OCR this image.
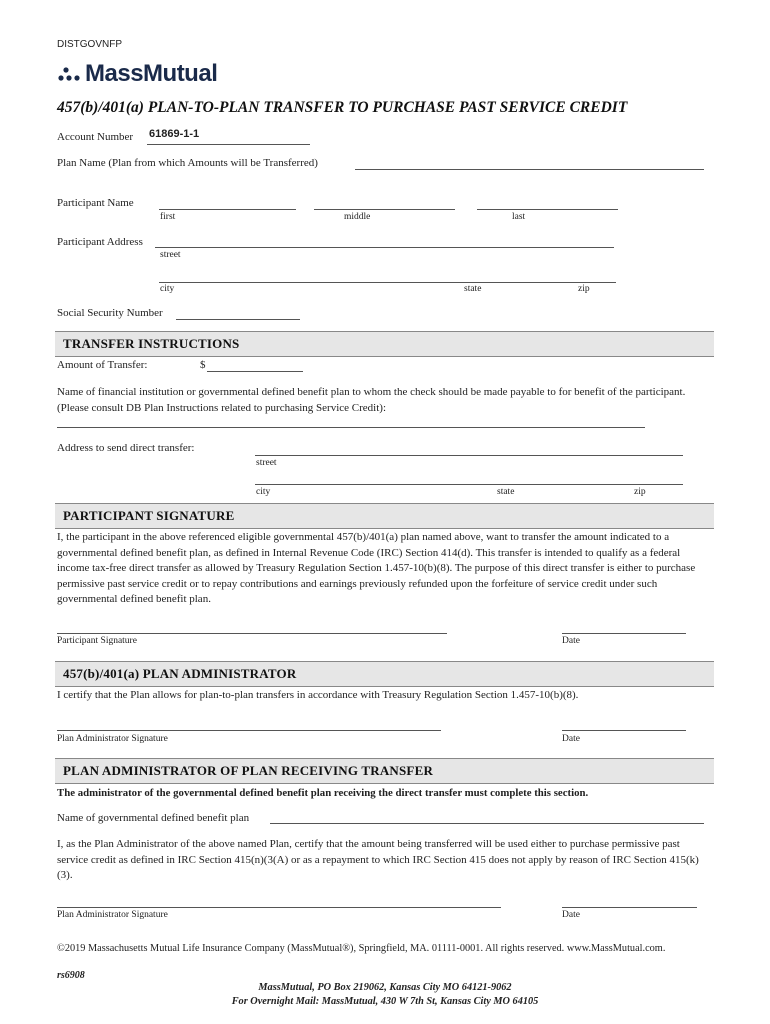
DISTGOVNFP
MassMutual
457(b)/401(a) PLAN-TO-PLAN TRANSFER TO PURCHASE PAST SERVICE CREDIT
Account Number 61869-1-1
Plan Name (Plan from which Amounts will be Transferred)
Participant Name
first	middle	last
Participant Address
street
city	state	zip
Social Security Number
TRANSFER INSTRUCTIONS
Amount of Transfer:	$
Name of financial institution or governmental defined benefit plan to whom the check should be made payable to for benefit of the participant. (Please consult DB Plan Instructions related to purchasing Service Credit):
Address to send direct transfer:
street
city	state	zip
PARTICIPANT SIGNATURE
I, the participant in the above referenced eligible governmental 457(b)/401(a) plan named above, want to transfer the amount indicated to a governmental defined benefit plan, as defined in Internal Revenue Code (IRC) Section 414(d). This transfer is intended to qualify as a federal income tax-free direct transfer as allowed by Treasury Regulation Section 1.457-10(b)(8). The purpose of this direct transfer is either to purchase permissive past service credit or to repay contributions and earnings previously refunded upon the forfeiture of service credit under such governmental defined benefit plan.
Participant Signature	Date
457(b)/401(a) PLAN ADMINISTRATOR
I certify that the Plan allows for plan-to-plan transfers in accordance with Treasury Regulation Section 1.457-10(b)(8).
Plan Administrator Signature	Date
PLAN ADMINISTRATOR OF PLAN RECEIVING TRANSFER
The administrator of the governmental defined benefit plan receiving the direct transfer must complete this section.
Name of governmental defined benefit plan
I, as the Plan Administrator of the above named Plan, certify that the amount being transferred will be used either to purchase permissive past service credit as defined in IRC Section 415(n)(3(A) or as a repayment to which IRC Section 415 does not apply by reason of IRC Section 415(k)(3).
Plan Administrator Signature	Date
©2019 Massachusetts Mutual Life Insurance Company (MassMutual®), Springfield, MA. 01111-0001. All rights reserved. www.MassMutual.com.
rs6908
MassMutual, PO Box 219062, Kansas City MO 64121-9062
For Overnight Mail: MassMutual, 430 W 7th St, Kansas City MO 64105
